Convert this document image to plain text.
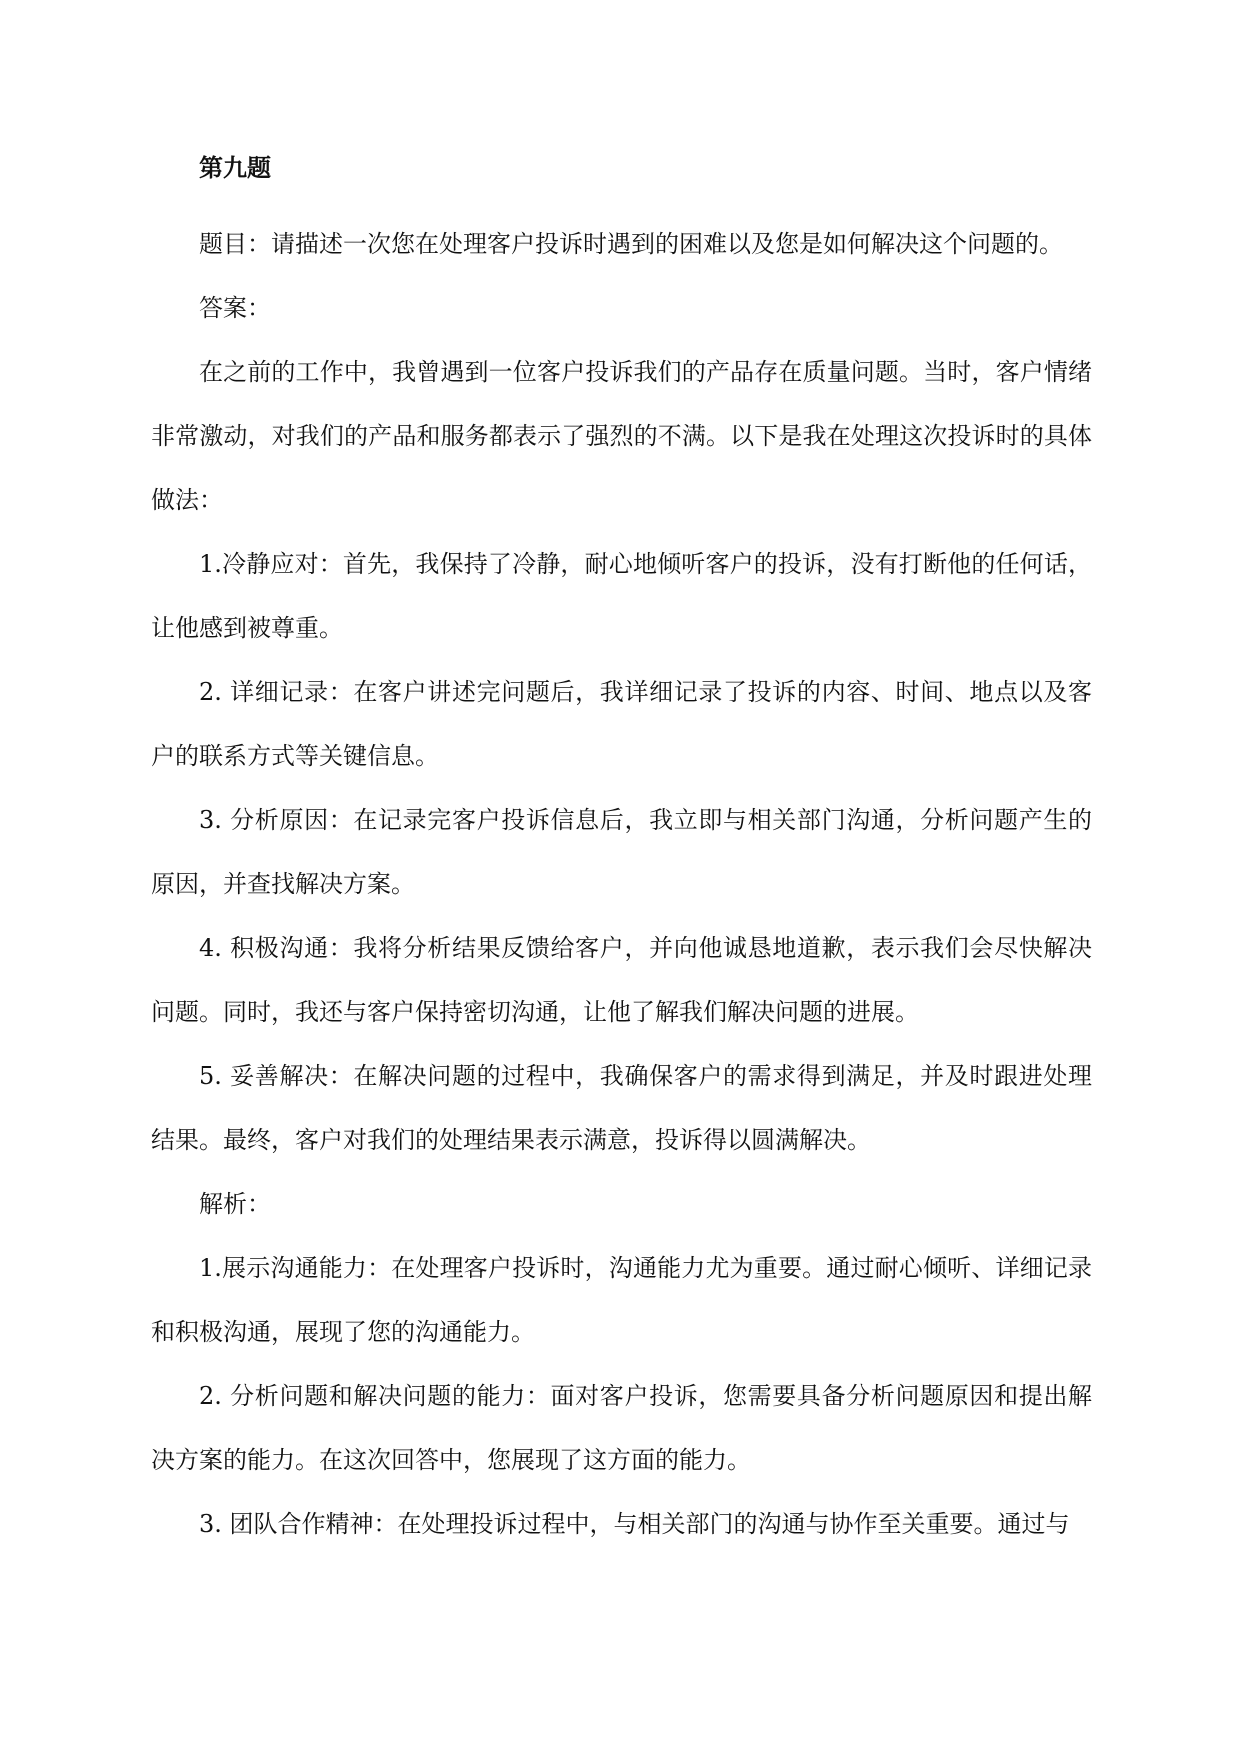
第九题

题目：请描述一次您在处理客户投诉时遇到的困难以及您是如何解决这个问题的。

答案：

在之前的工作中，我曾遇到一位客户投诉我们的产品存在质量问题。当时，客户情绪非常激动，对我们的产品和服务都表示了强烈的不满。以下是我在处理这次投诉时的具体做法：

1.冷静应对：首先，我保持了冷静，耐心地倾听客户的投诉，没有打断他的任何话，让他感到被尊重。

2. 详细记录：在客户讲述完问题后，我详细记录了投诉的内容、时间、地点以及客户的联系方式等关键信息。

3. 分析原因：在记录完客户投诉信息后，我立即与相关部门沟通，分析问题产生的原因，并查找解决方案。

4. 积极沟通：我将分析结果反馈给客户，并向他诚恳地道歉，表示我们会尽快解决问题。同时，我还与客户保持密切沟通，让他了解我们解决问题的进展。

5. 妥善解决：在解决问题的过程中，我确保客户的需求得到满足，并及时跟进处理结果。最终，客户对我们的处理结果表示满意，投诉得以圆满解决。

解析：

1.展示沟通能力：在处理客户投诉时，沟通能力尤为重要。通过耐心倾听、详细记录和积极沟通，展现了您的沟通能力。

2. 分析问题和解决问题的能力：面对客户投诉，您需要具备分析问题原因和提出解决方案的能力。在这次回答中，您展现了这方面的能力。

3. 团队合作精神：在处理投诉过程中，与相关部门的沟通与协作至关重要。通过与
